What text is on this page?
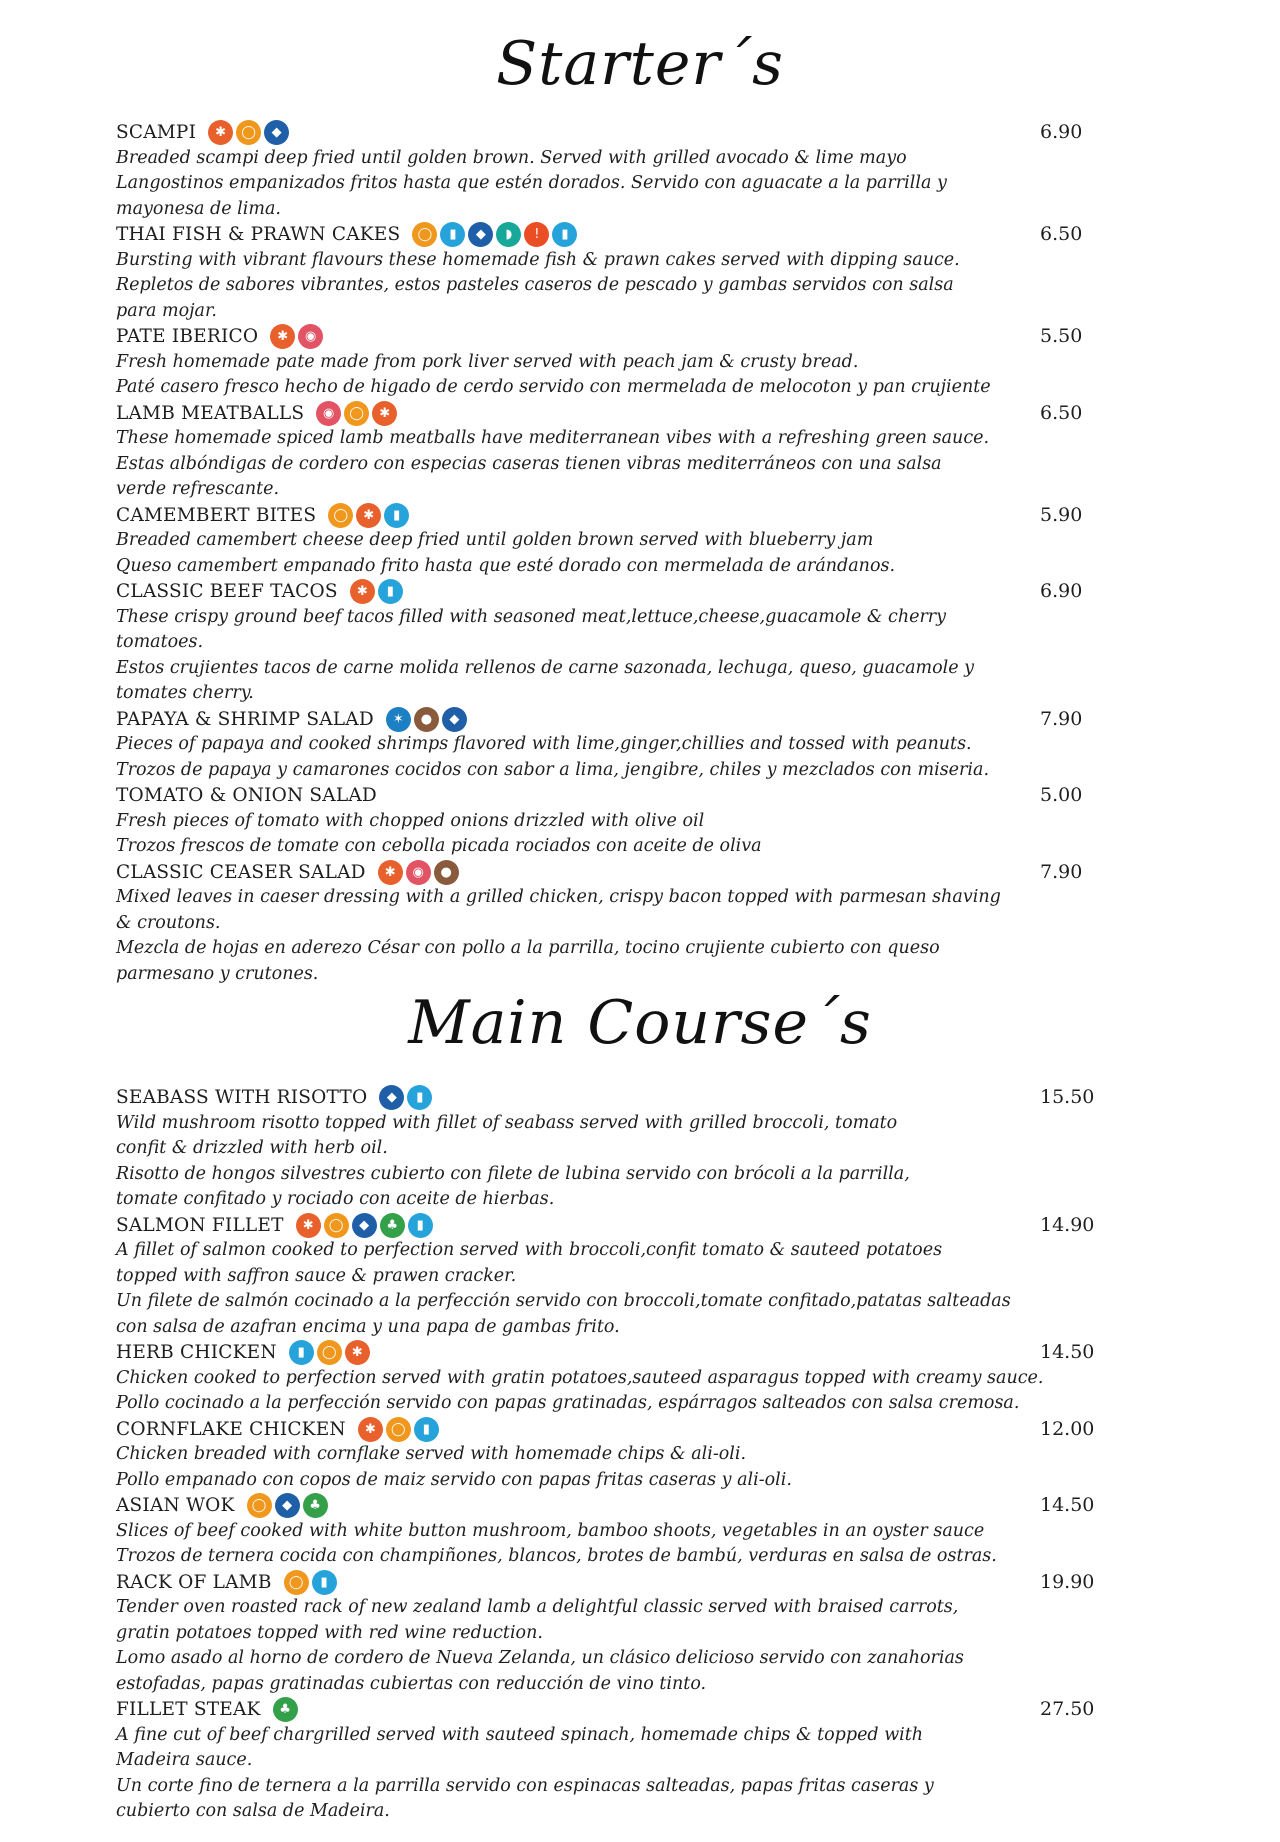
Starter´s
SCAMPI	✱	◯	◆	6.90

Breaded scampi deep fried until golden brown. Served with grilled avocado & lime mayo
Langostinos empanizados fritos hasta que estén dorados. Servido con aguacate a la parrilla y
mayonesa de lima.

THAI FISH & PRAWN CAKES	◯	▮	◆	◗	!	▮	6.50

Bursting with vibrant flavours these homemade fish & prawn cakes served with dipping sauce.
Repletos de sabores vibrantes, estos pasteles caseros de pescado y gambas servidos con salsa
para mojar.

PATE IBERICO	✱	◉	5.50

Fresh homemade pate made from pork liver served with peach jam & crusty bread.
Paté casero fresco hecho de higado de cerdo servido con mermelada de melocoton y pan crujiente

LAMB MEATBALLS	◉	◯	✱	6.50

These homemade spiced lamb meatballs have mediterranean vibes with a refreshing green sauce.
Estas albóndigas de cordero con especias caseras tienen vibras mediterráneos con una salsa
verde refrescante.

CAMEMBERT BITES	◯	✱	▮	5.90

Breaded camembert cheese deep fried until golden brown served with blueberry jam
Queso camembert empanado frito hasta que esté dorado con mermelada de arándanos.

CLASSIC BEEF TACOS	✱	▮	6.90

These crispy ground beef tacos filled with seasoned meat,lettuce,cheese,guacamole & cherry
tomatoes.
Estos crujientes tacos de carne molida rellenos de carne sazonada, lechuga, queso, guacamole y
tomates cherry.

PAPAYA & SHRIMP SALAD	✶	●	◆	7.90

Pieces of papaya and cooked shrimps flavored with lime,ginger,chillies and tossed with peanuts.
Trozos de papaya y camarones cocidos con sabor a lima, jengibre, chiles y mezclados con miseria.

TOMATO & ONION SALAD	5.00

Fresh pieces of tomato with chopped onions drizzled with olive oil
Trozos frescos de tomate con cebolla picada rociados con aceite de oliva

CLASSIC CEASER SALAD	✱	◉	●	7.90

Mixed leaves in caeser dressing with a grilled chicken, crispy bacon topped with parmesan shaving
& croutons.
Mezcla de hojas en aderezo César con pollo a la parrilla, tocino crujiente cubierto con queso
parmesano y crutones.

Main Course´s
SEABASS WITH RISOTTO	◆	▮	15.50

Wild mushroom risotto topped with fillet of seabass served with grilled broccoli, tomato
confit & drizzled with herb oil.
Risotto de hongos silvestres cubierto con filete de lubina servido con brócoli a la parrilla,
tomate confitado y rociado con aceite de hierbas.

SALMON FILLET	✱	◯	◆	♣	▮	14.90

A fillet of salmon cooked to perfection served with broccoli,confit tomato & sauteed potatoes
topped with saffron sauce & prawen cracker.
Un filete de salmón cocinado a la perfección servido con broccoli,tomate confitado,patatas salteadas
con salsa de azafran encima y una papa de gambas frito.

HERB CHICKEN	▮	◯	✱	14.50

Chicken cooked to perfection served with gratin potatoes,sauteed asparagus topped with creamy sauce.
Pollo cocinado a la perfección servido con papas gratinadas, espárragos salteados con salsa cremosa.

CORNFLAKE CHICKEN	✱	◯	▮	12.00

Chicken breaded with cornflake served with homemade chips & ali-oli.
Pollo empanado con copos de maiz servido con papas fritas caseras y ali-oli.

ASIAN WOK	◯	◆	♣	14.50

Slices of beef cooked with white button mushroom, bamboo shoots, vegetables in an oyster sauce
Trozos de ternera cocida con champiñones, blancos, brotes de bambú, verduras en salsa de ostras.

RACK OF LAMB	◯	▮	19.90

Tender oven roasted rack of new zealand lamb a delightful classic served with braised carrots,
gratin potatoes topped with red wine reduction.
Lomo asado al horno de cordero de Nueva Zelanda, un clásico delicioso servido con zanahorias
estofadas, papas gratinadas cubiertas con reducción de vino tinto.

FILLET STEAK	♣	27.50

A fine cut of beef chargrilled served with sauteed spinach, homemade chips & topped with
Madeira sauce.
Un corte fino de ternera a la parrilla servido con espinacas salteadas, papas fritas caseras y
cubierto con salsa de Madeira.
